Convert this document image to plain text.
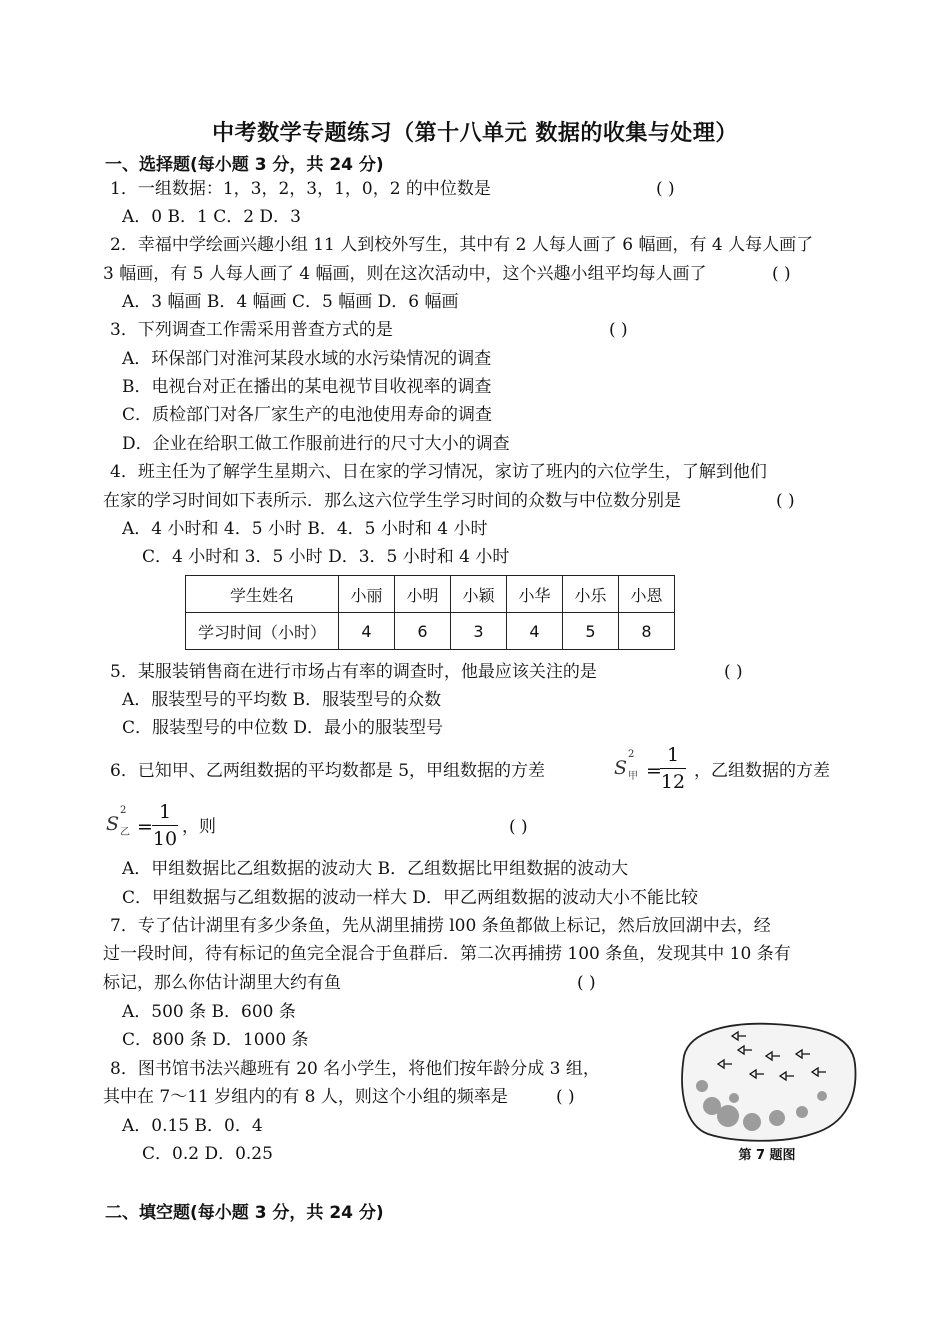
中考数学专题练习（第十八单元 数据的收集与处理）
一、选择题(每小题 3 分，共 24 分)
1．一组数据：1，3，2，3，1，0，2 的中位数是	( )
A．0 B．1 C．2 D．3
2．幸福中学绘画兴趣小组 11 人到校外写生，其中有 2 人每人画了 6 幅画，有 4 人每人画了
3 幅画，有 5 人每人画了 4 幅画，则在这次活动中，这个兴趣小组平均每人画了	( )
A．3 幅画 B．4 幅画 C．5 幅画 D．6 幅画
3．下列调查工作需采用普查方式的是	( )
A．环保部门对淮河某段水域的水污染情况的调查
B．电视台对正在播出的某电视节目收视率的调查
C．质检部门对各厂家生产的电池使用寿命的调查
D．企业在给职工做工作服前进行的尺寸大小的调查
4．班主任为了解学生星期六、日在家的学习情况，家访了班内的六位学生，了解到他们
在家的学习时间如下表所示．那么这六位学生学习时间的众数与中位数分别是	( )
A．4 小时和 4．5 小时 B．4．5 小时和 4 小时
C．4 小时和 3．5 小时 D．3．5 小时和 4 小时
学生姓名	小丽	小明	小颖	小华	小乐	小恩
学习时间（小时）	4	6	3	4	5	8
5．某服装销售商在进行市场占有率的调查时，他最应该关注的是	( )
A．服装型号的平均数 B．服装型号的众数
C．服装型号的中位数 D．最小的服装型号
6．已知甲、乙两组数据的平均数都是 5，甲组数据的方差	S
2
甲 =
1
12 ，乙组数据的方差
S
2
乙 =
1
10
，则	( )
A．甲组数据比乙组数据的波动大 B．乙组数据比甲组数据的波动大
C．甲组数据与乙组数据的波动一样大 D．甲乙两组数据的波动大小不能比较
7．专了估计湖里有多少条鱼，先从湖里捕捞 l00 条鱼都做上标记，然后放回湖中去，经
过一段时间，待有标记的鱼完全混合于鱼群后．第二次再捕捞 100 条鱼，发现其中 10 条有
标记，那么你估计湖里大约有鱼	( )
A．500 条 B．600 条
C．800 条 D．1000 条
第 7 题图
8．图书馆书法兴趣班有 20 名小学生，将他们按年龄分成 3 组，
其中在 7～11 岁组内的有 8 人，则这个小组的频率是	( )
A．0.15 B．0．4
C．0.2 D．0.25
二、填空题(每小题 3 分，共 24 分)
